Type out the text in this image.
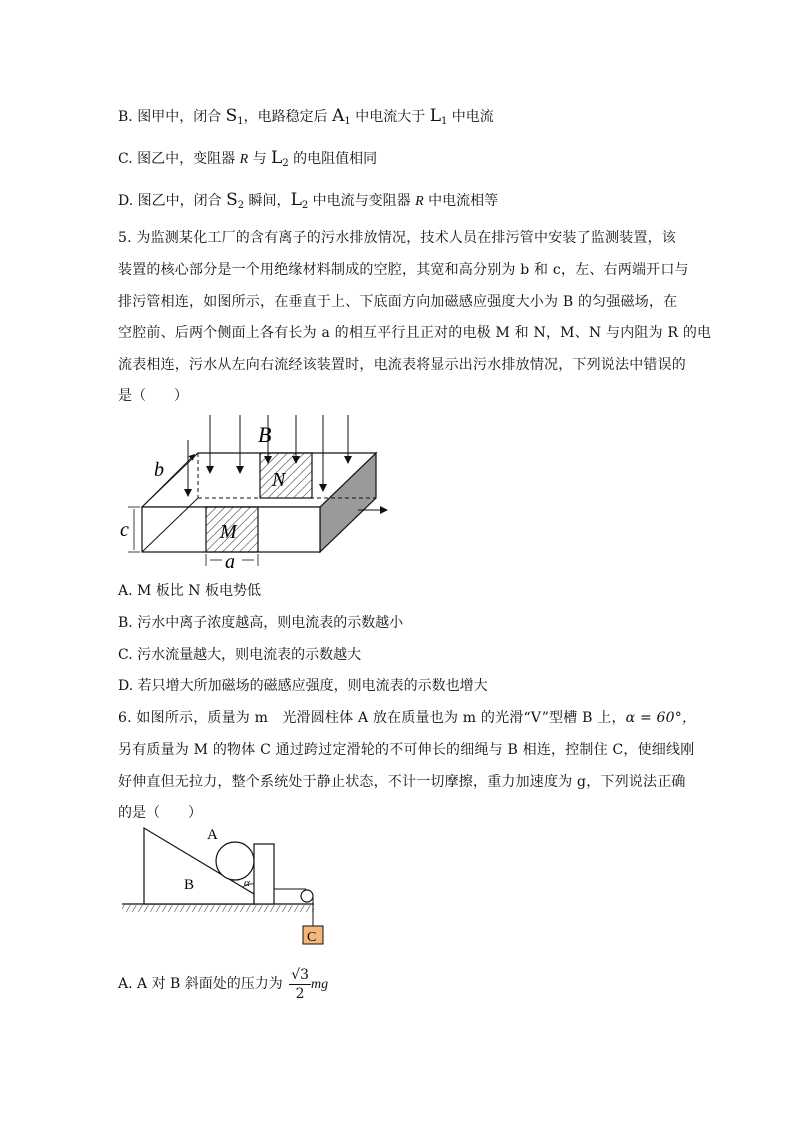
B. 图甲中，闭合 $S_1$，电路稳定后 $A_1$ 中电流大于 $L_1$ 中电流
C. 图乙中，变阻器 R 与 $L_2$ 的电阻值相同
D. 图乙中，闭合 $S_2$ 瞬间，$L_2$ 中电流与变阻器 R 中电流相等
5. 为监测某化工厂的含有离子的污水排放情况，技术人员在排污管中安装了监测装置，该
装置的核心部分是一个用绝缘材料制成的空腔，其宽和高分别为 b 和 c，左、右两端开口与
排污管相连，如图所示，在垂直于上、下底面方向加磁感应强度大小为 B 的匀强磁场，在
空腔前、后两个侧面上各有长为 a 的相互平行且正对的电极 M 和 N，M、N 与内阻为 R 的电
流表相连，污水从左向右流经该装置时，电流表将显示出污水排放情况，下列说法中错误的
是（　　）
b
B
N
c	M
a
A. M 板比 N 板电势低
B. 污水中离子浓度越高，则电流表的示数越小
C. 污水流量越大，则电流表的示数越大
D. 若只增大所加磁场的磁感应强度，则电流表的示数也增大
6. 如图所示，质量为 m　光滑圆柱体 A 放在质量也为 m 的光滑“V”型槽 B 上，α = 60°，
另有质量为 M 的物体 C 通过跨过定滑轮的不可伸长的细绳与 B 相连，控制住 C，使细线刚
好伸直但无拉力，整个系统处于静止状态，不计一切摩擦，重力加速度为 g，下列说法正确
的是（　　）
A
B	α
C
A. A 对 B 斜面处的压力为 $\frac{√3}{2}$ mg
